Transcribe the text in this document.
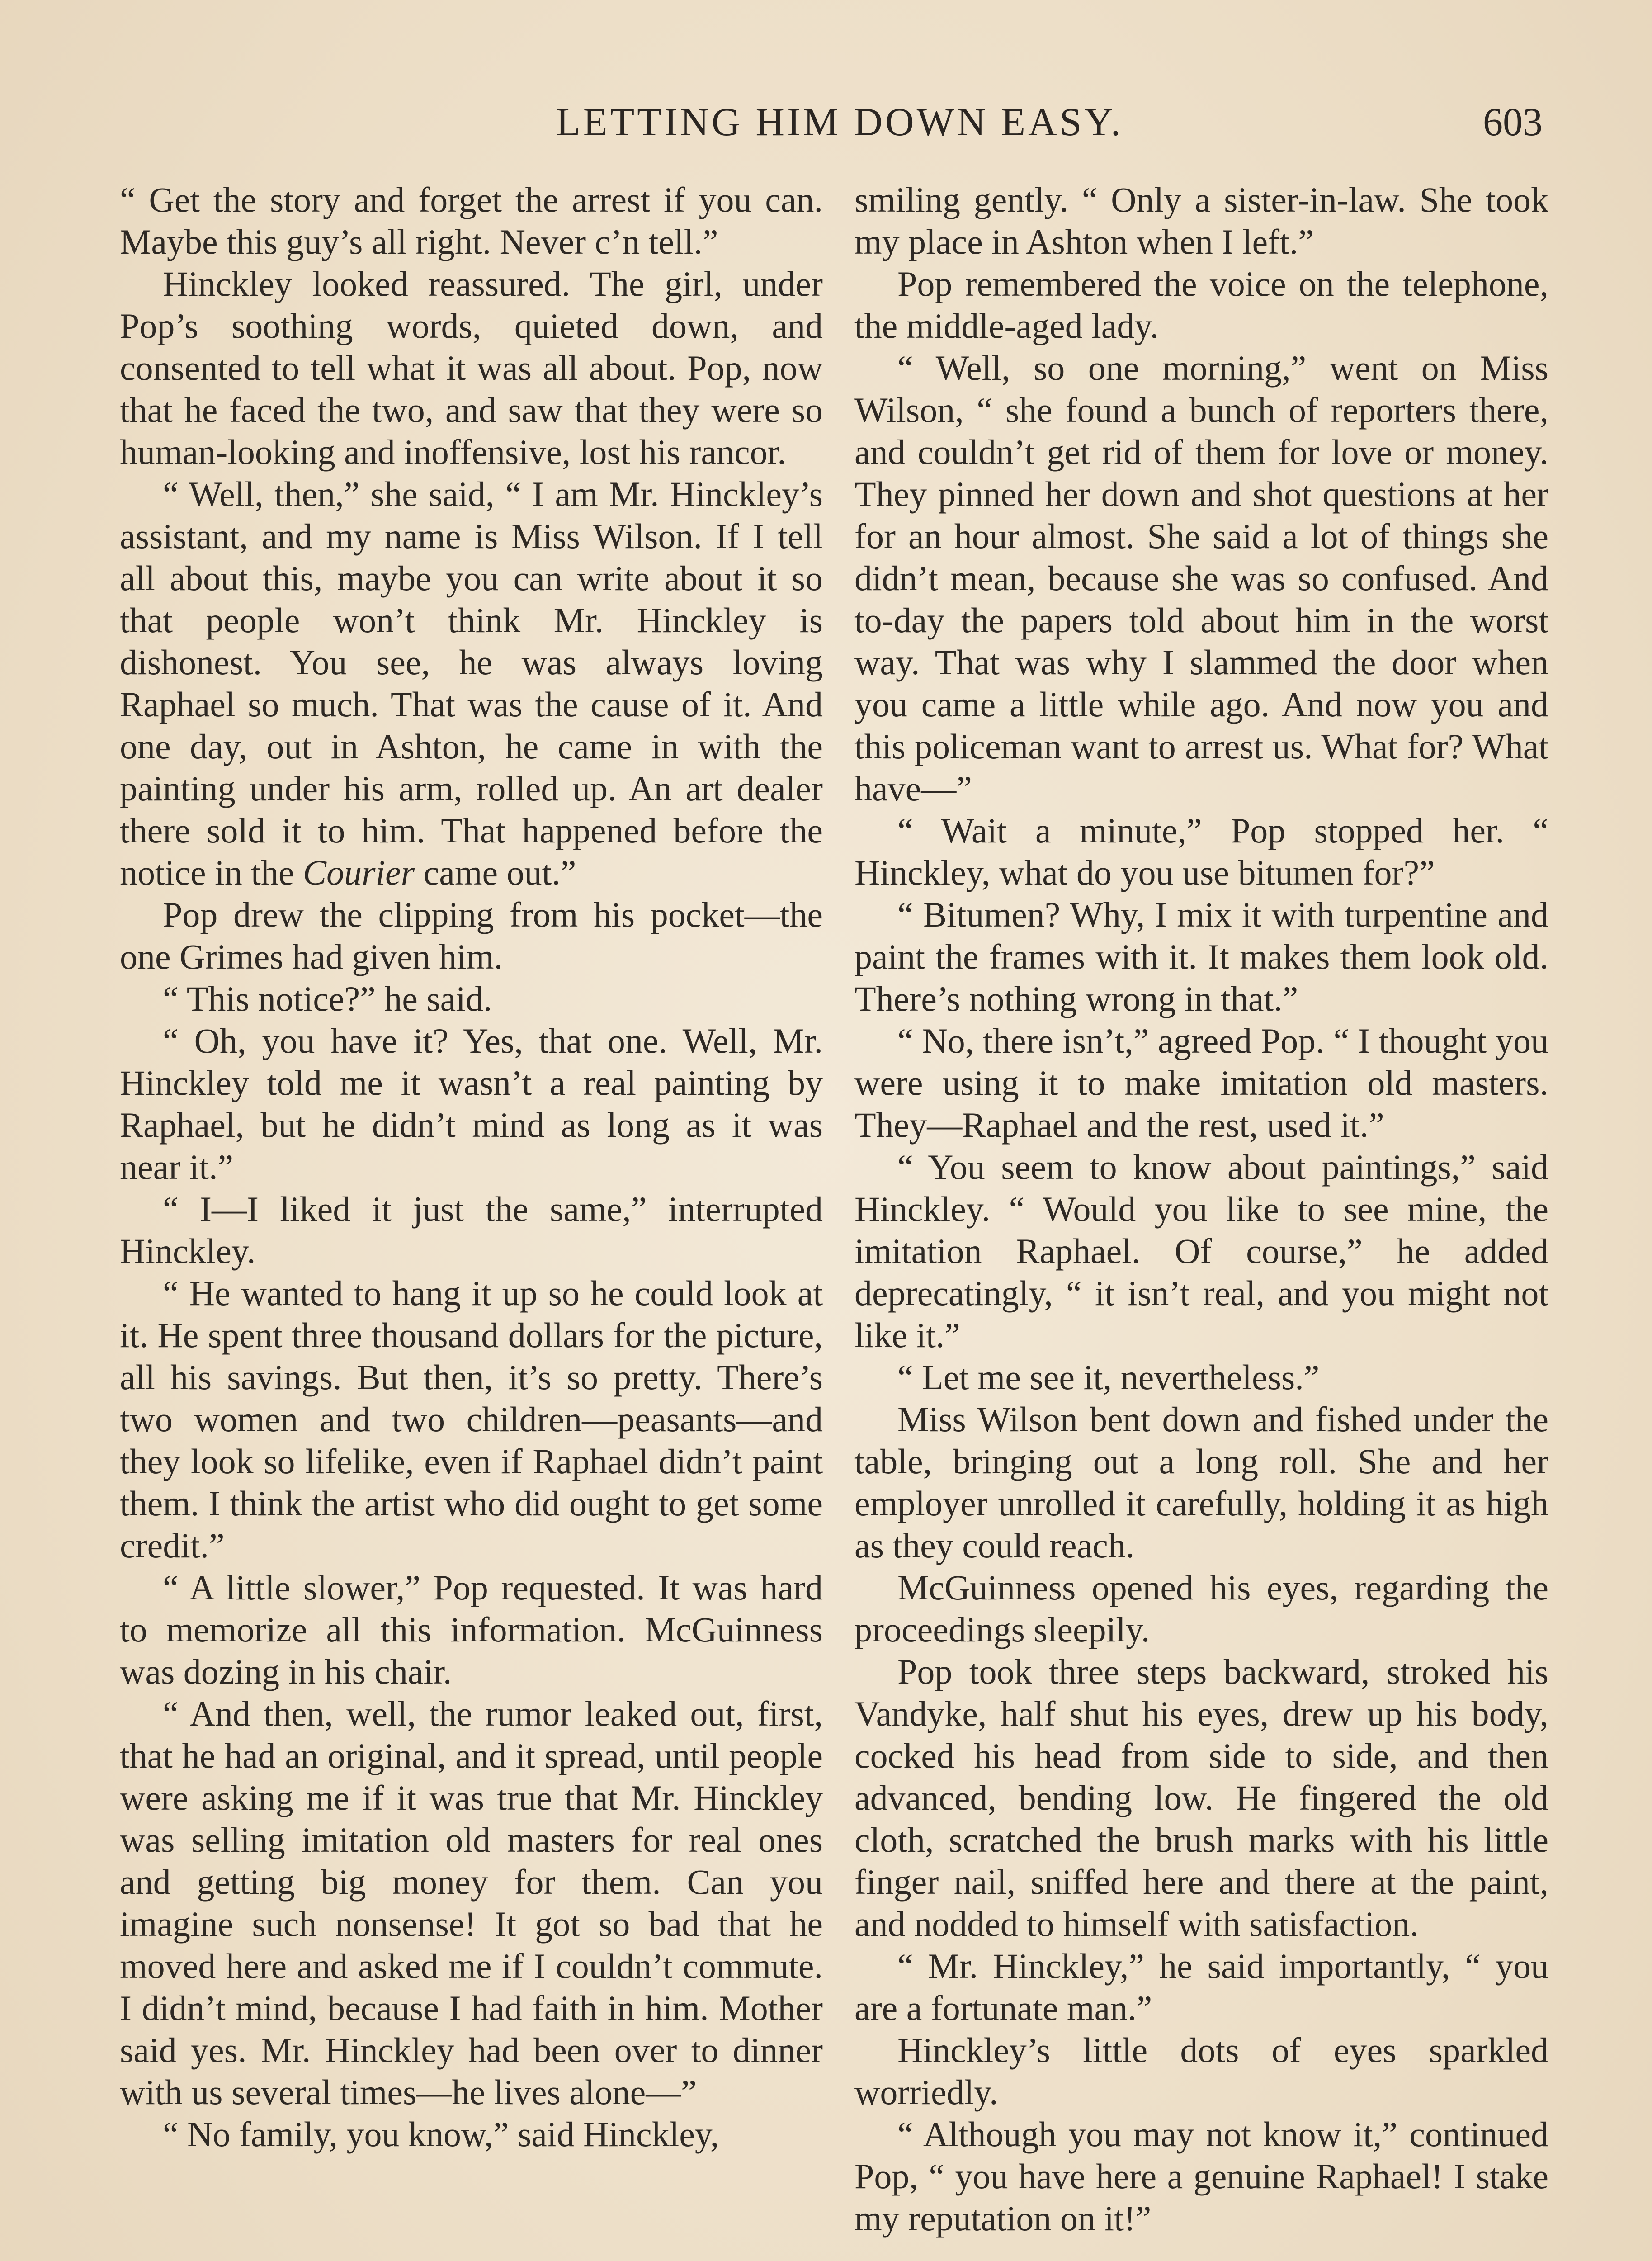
LETTING HIM DOWN EASY.	603

“ Get the story and forget the arrest if you can. Maybe this guy’s all right. Never c’n tell.”

Hinckley looked reassured. The girl, under Pop’s soothing words, quieted down, and consented to tell what it was all about. Pop, now that he faced the two, and saw that they were so human-looking and inoffensive, lost his rancor.

“ Well, then,” she said, “ I am Mr. Hinckley’s assistant, and my name is Miss Wilson. If I tell all about this, maybe you can write about it so that people won’t think Mr. Hinckley is dishonest. You see, he was always loving Raphael so much. That was the cause of it. And one day, out in Ashton, he came in with the painting under his arm, rolled up. An art dealer there sold it to him. That happened before the notice in the Courier came out.”

Pop drew the clipping from his pocket—the one Grimes had given him.

“ This notice?” he said.

“ Oh, you have it? Yes, that one. Well, Mr. Hinckley told me it wasn’t a real painting by Raphael, but he didn’t mind as long as it was near it.”

“ I—I liked it just the same,” interrupted Hinckley.

“ He wanted to hang it up so he could look at it. He spent three thousand dollars for the picture, all his savings. But then, it’s so pretty. There’s two women and two children—peasants—and they look so lifelike, even if Raphael didn’t paint them. I think the artist who did ought to get some credit.”

“ A little slower,” Pop requested. It was hard to memorize all this information. McGuinness was dozing in his chair.

“ And then, well, the rumor leaked out, first, that he had an original, and it spread, until people were asking me if it was true that Mr. Hinckley was selling imitation old masters for real ones and getting big money for them. Can you imagine such nonsense! It got so bad that he moved here and asked me if I couldn’t commute. I didn’t mind, because I had faith in him. Mother said yes. Mr. Hinckley had been over to dinner with us several times—he lives alone—”

“ No family, you know,” said Hinckley,

smiling gently. “ Only a sister-in-law. She took my place in Ashton when I left.”

Pop remembered the voice on the telephone, the middle-aged lady.

“ Well, so one morning,” went on Miss Wilson, “ she found a bunch of reporters there, and couldn’t get rid of them for love or money. They pinned her down and shot questions at her for an hour almost. She said a lot of things she didn’t mean, because she was so confused. And to-day the papers told about him in the worst way. That was why I slammed the door when you came a little while ago. And now you and this policeman want to arrest us. What for? What have—”

“ Wait a minute,” Pop stopped her. “ Hinckley, what do you use bitumen for?”

“ Bitumen? Why, I mix it with turpentine and paint the frames with it. It makes them look old. There’s nothing wrong in that.”

“ No, there isn’t,” agreed Pop. “ I thought you were using it to make imitation old masters. They—Raphael and the rest, used it.”

“ You seem to know about paintings,” said Hinckley. “ Would you like to see mine, the imitation Raphael. Of course,” he added deprecatingly, “ it isn’t real, and you might not like it.”

“ Let me see it, nevertheless.”

Miss Wilson bent down and fished under the table, bringing out a long roll. She and her employer unrolled it carefully, holding it as high as they could reach.

McGuinness opened his eyes, regarding the proceedings sleepily.

Pop took three steps backward, stroked his Vandyke, half shut his eyes, drew up his body, cocked his head from side to side, and then advanced, bending low. He fingered the old cloth, scratched the brush marks with his little finger nail, sniffed here and there at the paint, and nodded to himself with satisfaction.

“ Mr. Hinckley,” he said importantly, “ you are a fortunate man.”

Hinckley’s little dots of eyes sparkled worriedly.

“ Although you may not know it,” continued Pop, “ you have here a genuine Raphael! I stake my reputation on it!”
